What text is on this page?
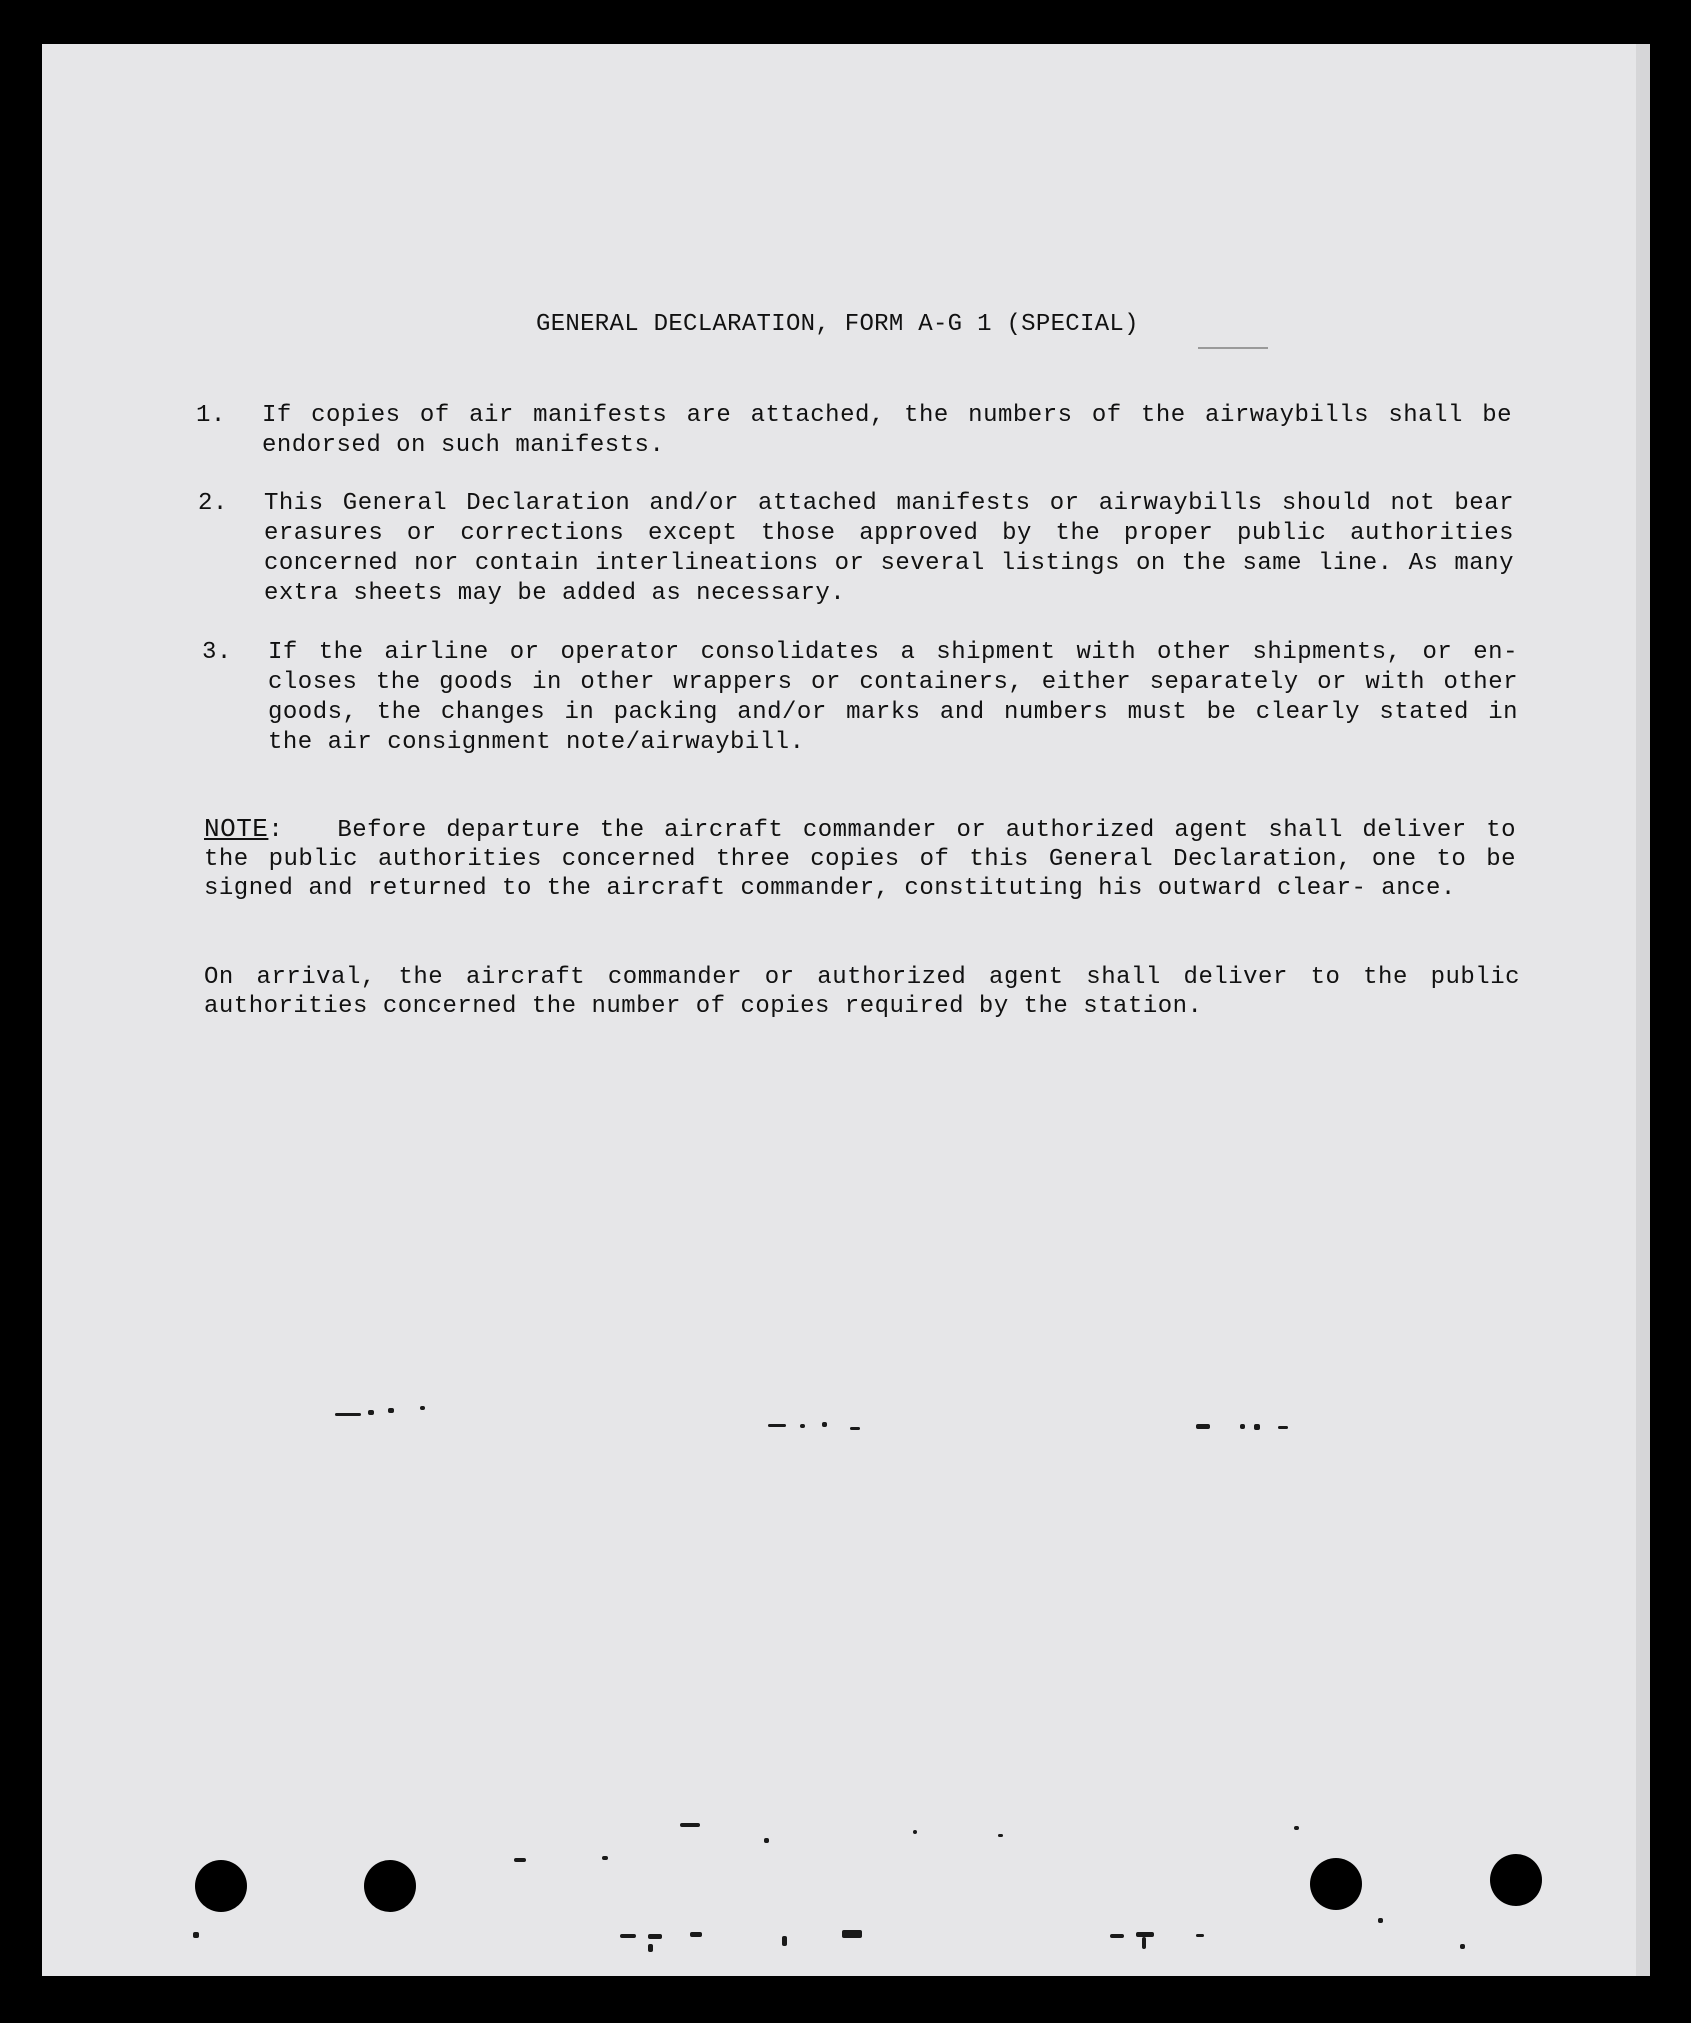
GENERAL DECLARATION, FORM A-G 1 (SPECIAL)
1. If copies of air manifests are attached, the numbers of the airwaybills shall be endorsed on such manifests.
2. This General Declaration and/or attached manifests or airwaybills should not bear erasures or corrections except those approved by the proper public authorities concerned nor contain interlineations or several listings on the same line. As many extra sheets may be added as necessary.
3. If the airline or operator consolidates a shipment with other shipments, or en- closes the goods in other wrappers or containers, either separately or with other goods, the changes in packing and/or marks and numbers must be clearly stated in the air consignment note/airwaybill.
NOTE: Before departure the aircraft commander or authorized agent shall deliver to the public authorities concerned three copies of this General Declaration, one to be signed and returned to the aircraft commander, constituting his outward clear- ance.
On arrival, the aircraft commander or authorized agent shall deliver to the public authorities concerned the number of copies required by the station.
